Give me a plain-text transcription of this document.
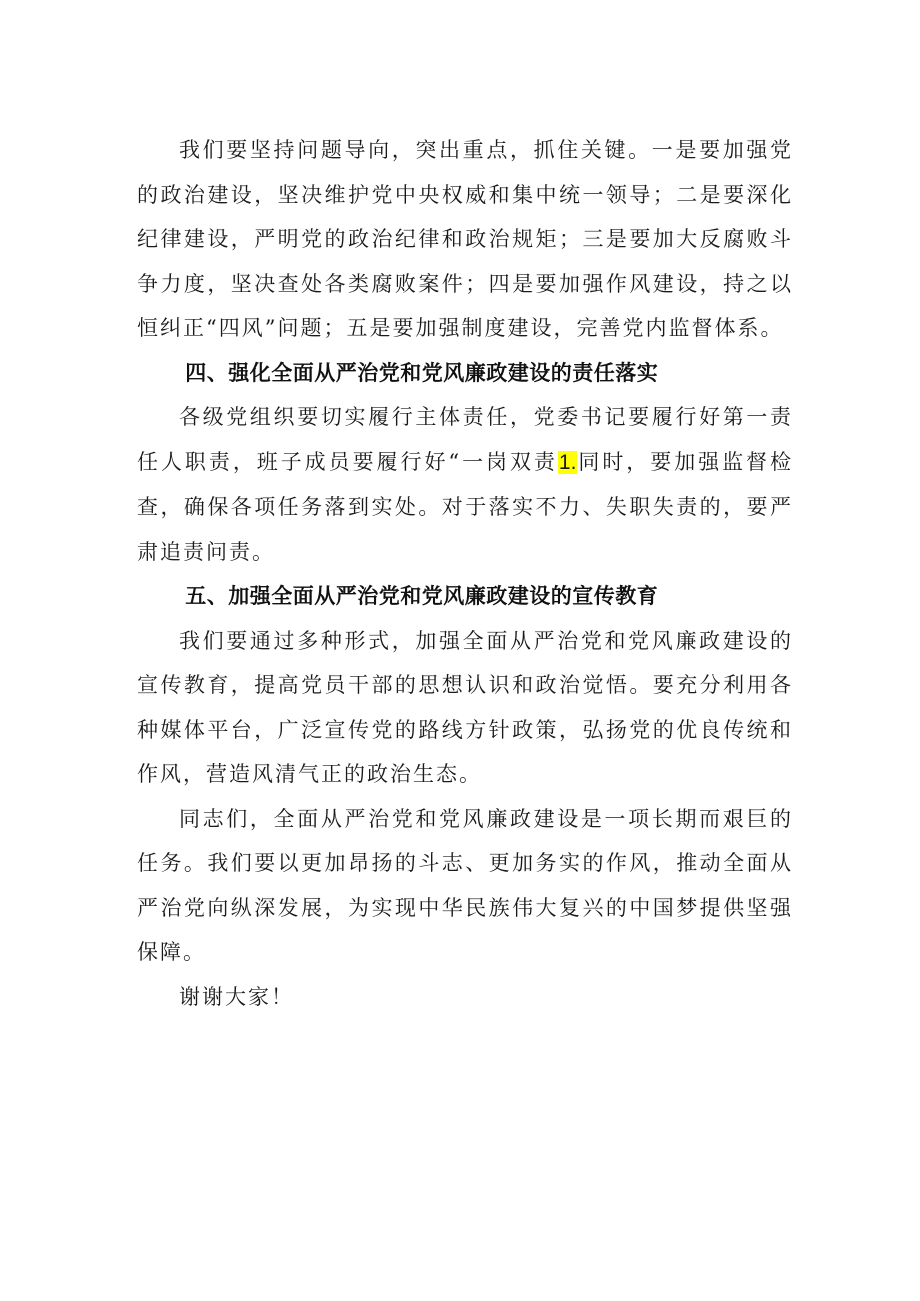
我们要坚持问题导向，突出重点，抓住关键。一是要加强党的政治建设，坚决维护党中央权威和集中统一领导；二是要深化纪律建设，严明党的政治纪律和政治规矩；三是要加大反腐败斗争力度，坚决查处各类腐败案件；四是要加强作风建设，持之以恒纠正“四风”问题；五是要加强制度建设，完善党内监督体系。

四、强化全面从严治党和党风廉政建设的责任落实

各级党组织要切实履行主体责任，党委书记要履行好第一责任人职责，班子成员要履行好“一岗双责1.同时，要加强监督检查，确保各项任务落到实处。对于落实不力、失职失责的，要严肃追责问责。

五、加强全面从严治党和党风廉政建设的宣传教育

我们要通过多种形式，加强全面从严治党和党风廉政建设的宣传教育，提高党员干部的思想认识和政治觉悟。要充分利用各种媒体平台，广泛宣传党的路线方针政策，弘扬党的优良传统和作风，营造风清气正的政治生态。

同志们，全面从严治党和党风廉政建设是一项长期而艰巨的任务。我们要以更加昂扬的斗志、更加务实的作风，推动全面从严治党向纵深发展，为实现中华民族伟大复兴的中国梦提供坚强保障。

谢谢大家！
